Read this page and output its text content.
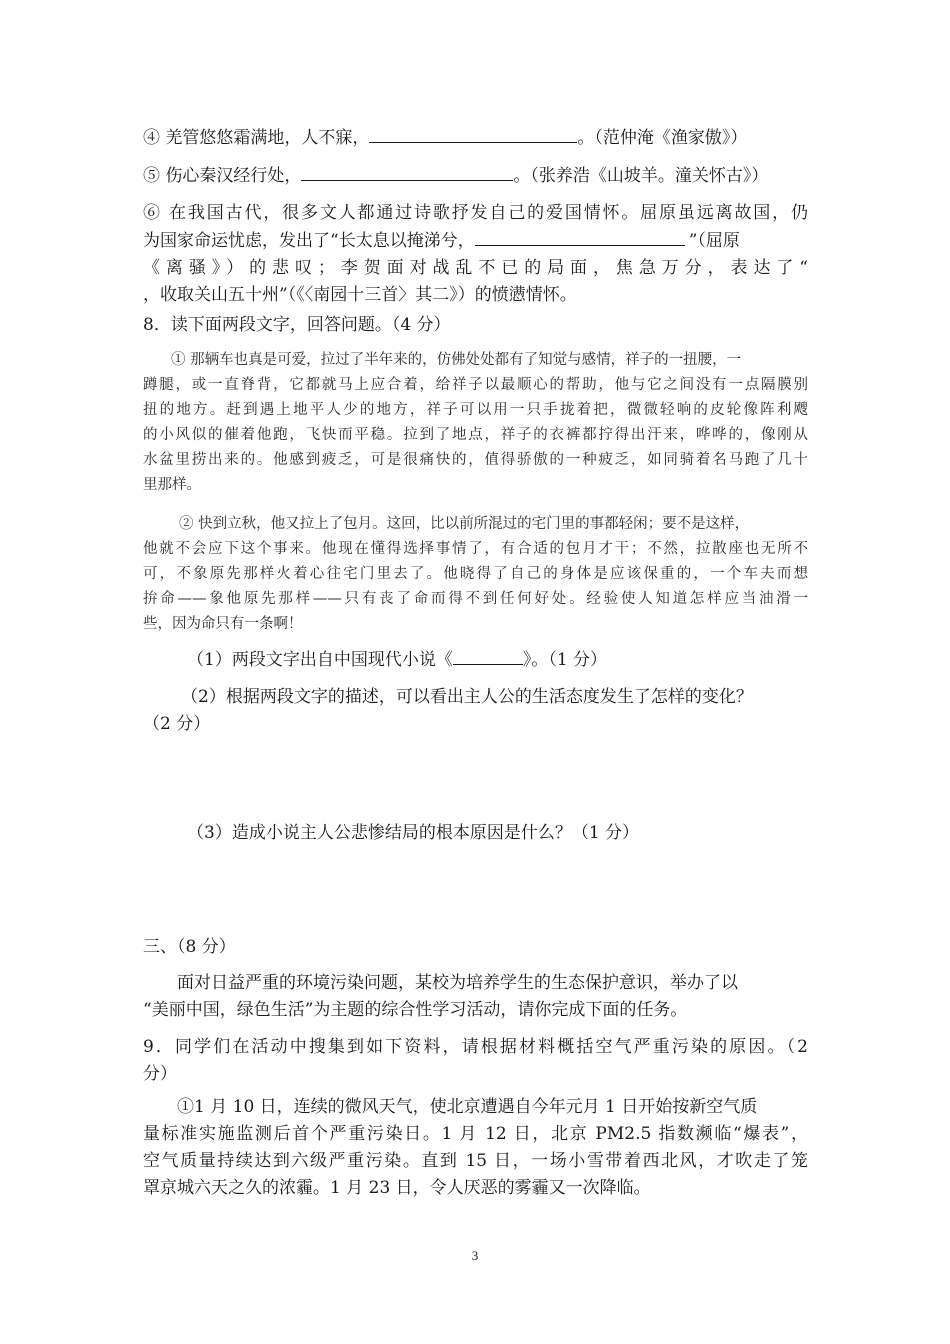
④ 羌管悠悠霜满地，人不寐，	。（范仲淹《渔家傲》）
⑤ 伤心秦汉经行处，	。（张养浩《山坡羊。潼关怀古》）
⑥ 在我国古代，很多文人都通过诗歌抒发自己的爱国情怀。屈原虽远离故国，仍
为国家命运忧虑，发出了“长太息以掩涕兮，	”（屈原
《离骚》）的悲叹；李贺面对战乱不已的局面，焦急万分，表达了“
，收取关山五十州”（《〈南园十三首〉其二》）的愤懑情怀。
8．读下面两段文字，回答问题。（4 分）
① 那辆车也真是可爱，拉过了半年来的，仿佛处处都有了知觉与感情，祥子的一扭腰，一
蹲腿，或一直脊背，它都就马上应合着，给祥子以最顺心的帮助，他与它之间没有一点隔膜别
扭的地方。赶到遇上地平人少的地方，祥子可以用一只手拢着把，微微轻响的皮轮像阵利飕
的小风似的催着他跑，飞快而平稳。拉到了地点，祥子的衣裤都拧得出汗来，哗哗的，像刚从
水盆里捞出来的。他感到疲乏，可是很痛快的，值得骄傲的一种疲乏，如同骑着名马跑了几十
里那样。
② 快到立秋，他又拉上了包月。这回，比以前所混过的宅门里的事都轻闲；要不是这样，
他就不会应下这个事来。他现在懂得选择事情了，有合适的包月才干；不然，拉散座也无所不
可，不象原先那样火着心往宅门里去了。他晓得了自己的身体是应该保重的，一个车夫而想
拚命——象他原先那样——只有丧了命而得不到任何好处。经验使人知道怎样应当油滑一
些，因为命只有一条啊！
（1）两段文字出自中国现代小说《	》。（1 分）
（2）根据两段文字的描述，可以看出主人公的生活态度发生了怎样的变化？
（2 分）
（3）造成小说主人公悲惨结局的根本原因是什么？（1 分）
三、（8 分）
面对日益严重的环境污染问题，某校为培养学生的生态保护意识，举办了以
“美丽中国，绿色生活”为主题的综合性学习活动，请你完成下面的任务。
9．同学们在活动中搜集到如下资料，请根据材料概括空气严重污染的原因。（2
分）
①1 月 10 日，连续的微风天气，使北京遭遇自今年元月 1 日开始按新空气质
量标准实施监测后首个严重污染日。1 月 12 日，北京 PM2.5 指数濒临“爆表”，
空气质量持续达到六级严重污染。直到 15 日，一场小雪带着西北风，才吹走了笼
罩京城六天之久的浓霾。1 月 23 日，令人厌恶的雾霾又一次降临。
3
